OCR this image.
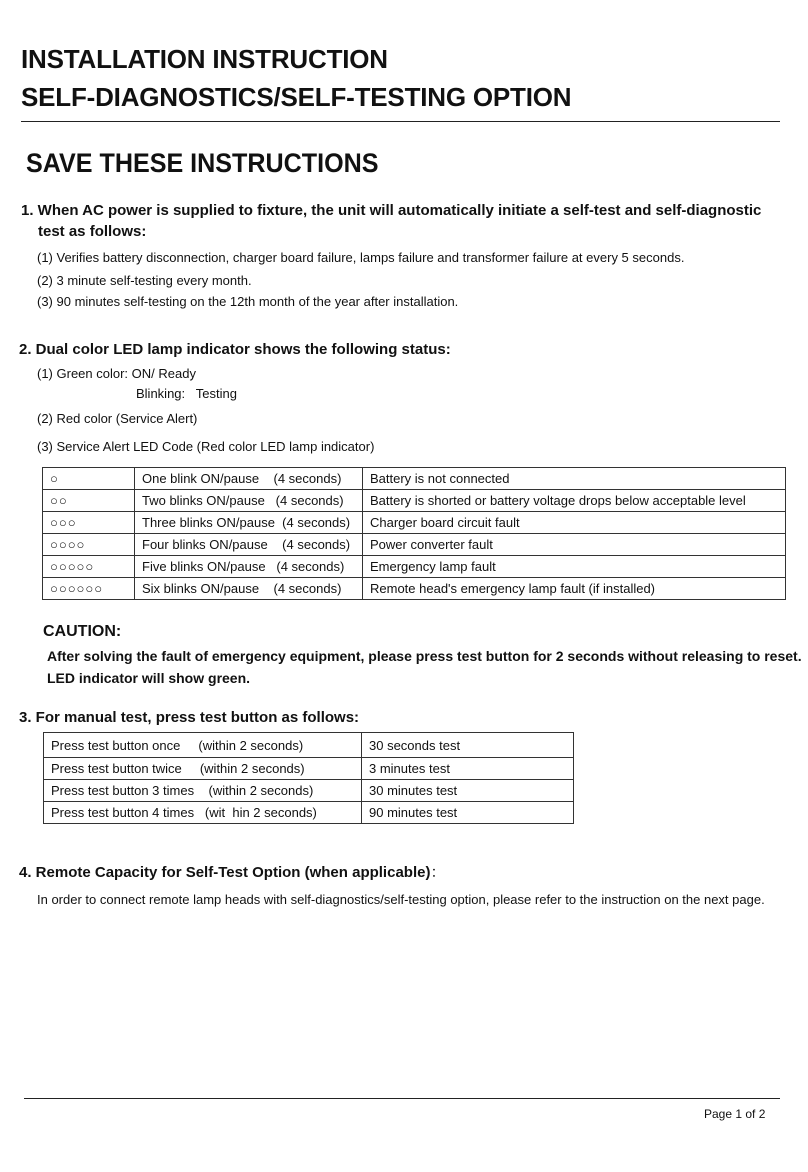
INSTALLATION INSTRUCTION
SELF-DIAGNOSTICS/SELF-TESTING OPTION
SAVE THESE INSTRUCTIONS
1. When AC power is supplied to fixture, the unit will automatically initiate a self-test and self-diagnostic
test as follows:
(1) Verifies battery disconnection, charger board failure, lamps failure and transformer failure at every 5 seconds.
(2) 3 minute self-testing every month.
(3) 90 minutes self-testing on the 12th month of the year after installation.
2. Dual color LED lamp indicator shows the following status:
(1) Green color: ON/ Ready
Blinking:   Testing
(2) Red color (Service Alert)
(3) Service Alert LED Code (Red color LED lamp indicator)
○	One blink ON/pause    (4 seconds)	Battery is not connected
○○	Two blinks ON/pause   (4 seconds)	Battery is shorted or battery voltage drops below acceptable level
○○○	Three blinks ON/pause  (4 seconds)	Charger board circuit fault
○○○○	Four blinks ON/pause    (4 seconds)	Power converter fault
○○○○○	Five blinks ON/pause   (4 seconds)	Emergency lamp fault
○○○○○○	Six blinks ON/pause    (4 seconds)	Remote head's emergency lamp fault (if installed)
CAUTION:
After solving the fault of emergency equipment, please press test button for 2 seconds without releasing to reset.
LED indicator will show green.
3. For manual test, press test button as follows:
Press test button once     (within 2 seconds)	30 seconds test
Press test button twice     (within 2 seconds)	3 minutes test
Press test button 3 times    (within 2 seconds)	30 minutes test
Press test button 4 times   (wit  hin 2 seconds)	90 minutes test
4. Remote Capacity for Self-Test Option (when applicable)：
In order to connect remote lamp heads with self-diagnostics/self-testing option, please refer to the instruction on the next page.
Page 1 of 2
